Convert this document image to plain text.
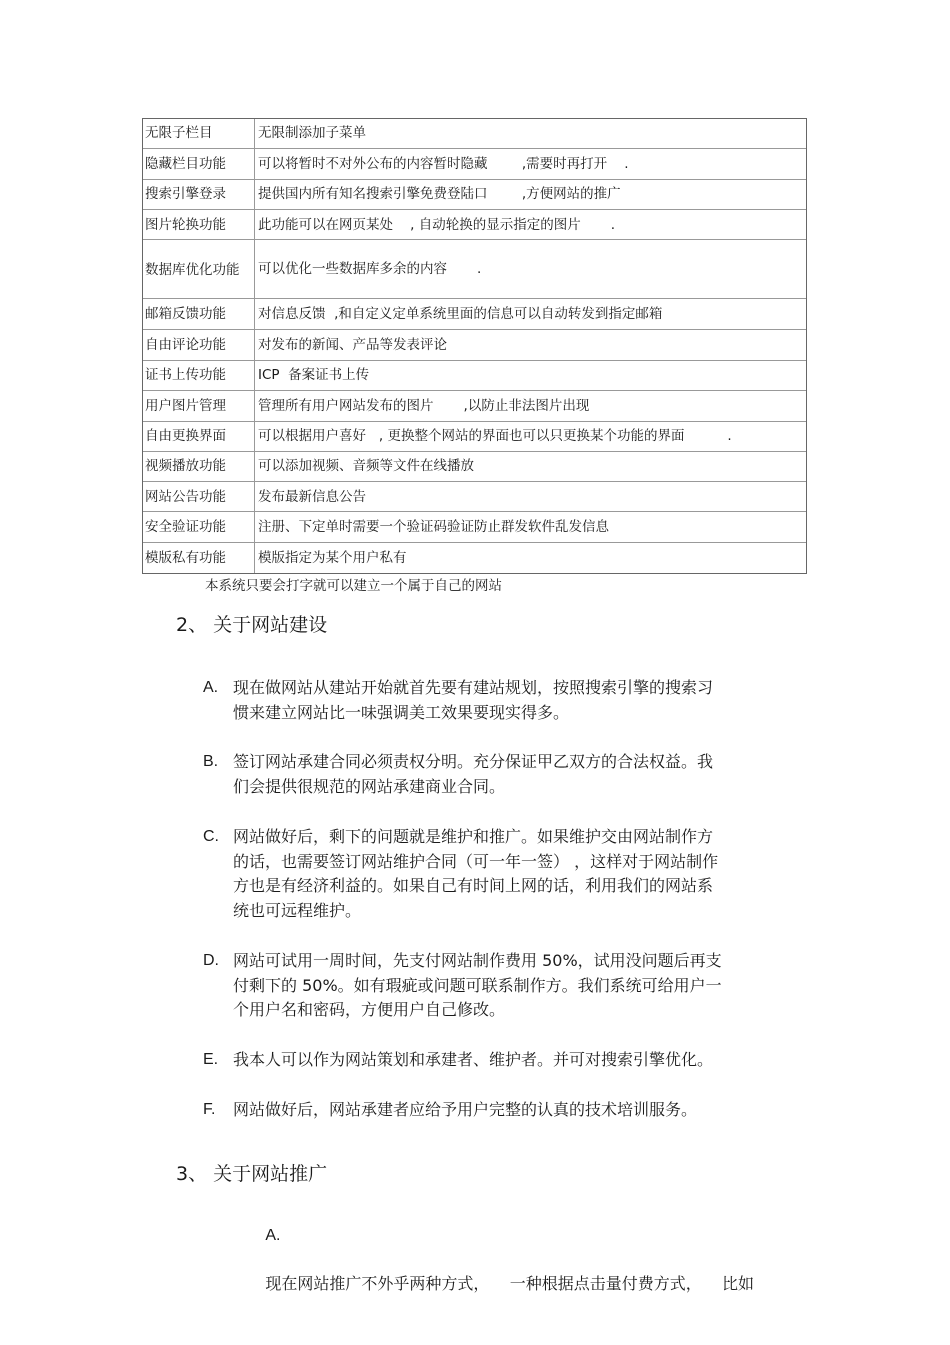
无限子栏目	无限制添加子菜单
隐藏栏目功能	可以将暂时不对外公布的内容暂时隐藏        ,需要时再打开    .
搜索引擎登录	提供国内所有知名搜索引擎免费登陆口        ,方便网站的推广
图片轮换功能	此功能可以在网页某处    , 自动轮换的显示指定的图片       .
数据库优化功能	可以优化一些数据库多余的内容       .
邮箱反馈功能	对信息反馈  ,和自定义定单系统里面的信息可以自动转发到指定邮箱
自由评论功能	对发布的新闻、产品等发表评论
证书上传功能	ICP  备案证书上传
用户图片管理	管理所有用户网站发布的图片       ,以防止非法图片出现
自由更换界面	可以根据用户喜好   , 更换整个网站的界面也可以只更换某个功能的界面          .
视频播放功能	可以添加视频、音频等文件在线播放
网站公告功能	发布最新信息公告
安全验证功能	注册、下定单时需要一个验证码验证防止群发软件乱发信息
模版私有功能	模版指定为某个用户私有
本系统只要会打字就可以建立一个属于自己的网站
2、 关于网站建设
A. 现在做网站从建站开始就首先要有建站规划，按照搜索引擎的搜索习
惯来建立网站比一味强调美工效果要现实得多。
B. 签订网站承建合同必须责权分明。充分保证甲乙双方的合法权益。我
们会提供很规范的网站承建商业合同。
C. 网站做好后，剩下的问题就是维护和推广。如果维护交由网站制作方
的话，也需要签订网站维护合同（可一年一签） ，这样对于网站制作
方也是有经济利益的。如果自己有时间上网的话，利用我们的网站系
统也可远程维护。
D. 网站可试用一周时间，先支付网站制作费用 50%，试用没问题后再支
付剩下的 50%。如有瑕疵或问题可联系制作方。我们系统可给用户一
个用户名和密码，方便用户自己修改。
E. 我本人可以作为网站策划和承建者、维护者。并可对搜索引擎优化。
F. 网站做好后，网站承建者应给予用户完整的认真的技术培训服务。
3、 关于网站推广

A.

现在网站推广不外乎两种方式，    一种根据点击量付费方式，    比如
